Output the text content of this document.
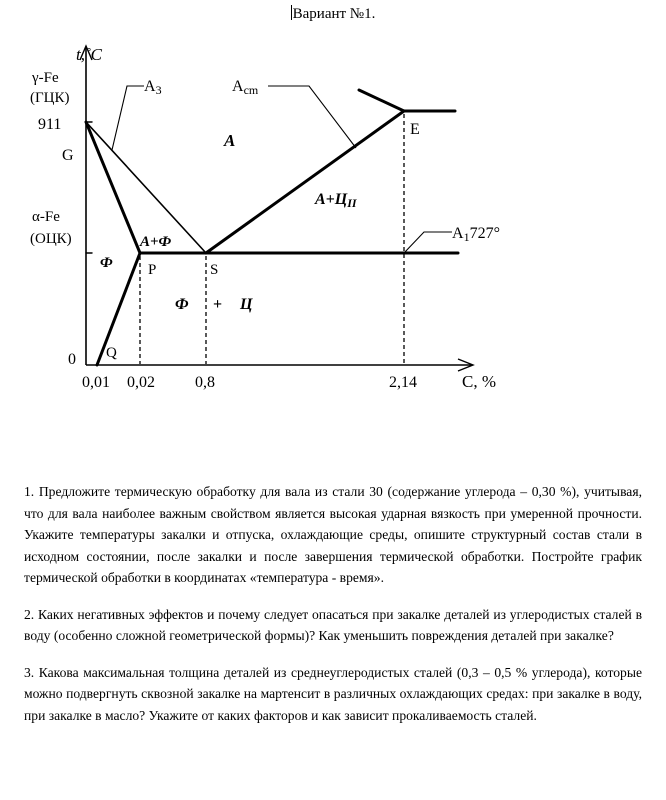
Вариант №1.
t,˚C
C, %
γ-Fe
(ГЦК)
α-Fe
(ОЦК)
911
0
G
P	S
E
Q
A3	Acm
A1727°
A
A+Ф
A+ЦII
Ф
Ф + Ц
0,01 0,02	0,8	2,14

1. Предложите термическую обработку для вала из стали 30 (содержание углерода – 0,30 %), учитывая, что для вала наиболее важным свойством является высокая ударная вязкость при умеренной прочности. Укажите температуры закалки и отпуска, охлаждающие среды, опишите структурный состав стали в исходном состоянии, после закалки и после завершения термической обработки. Постройте график термической обработки в координатах «температура - время».

2. Каких негативных эффектов и почему следует опасаться при закалке деталей из углеродистых сталей в воду (особенно сложной геометрической формы)? Как уменьшить повреждения деталей при закалке?

3. Какова максимальная толщина деталей из среднеуглеродистых сталей (0,3 – 0,5 % углерода), которые можно подвергнуть сквозной закалке на мартенсит в различных охлаждающих средах: при закалке в воду, при закалке в масло? Укажите от каких факторов и как зависит прокаливаемость сталей.
